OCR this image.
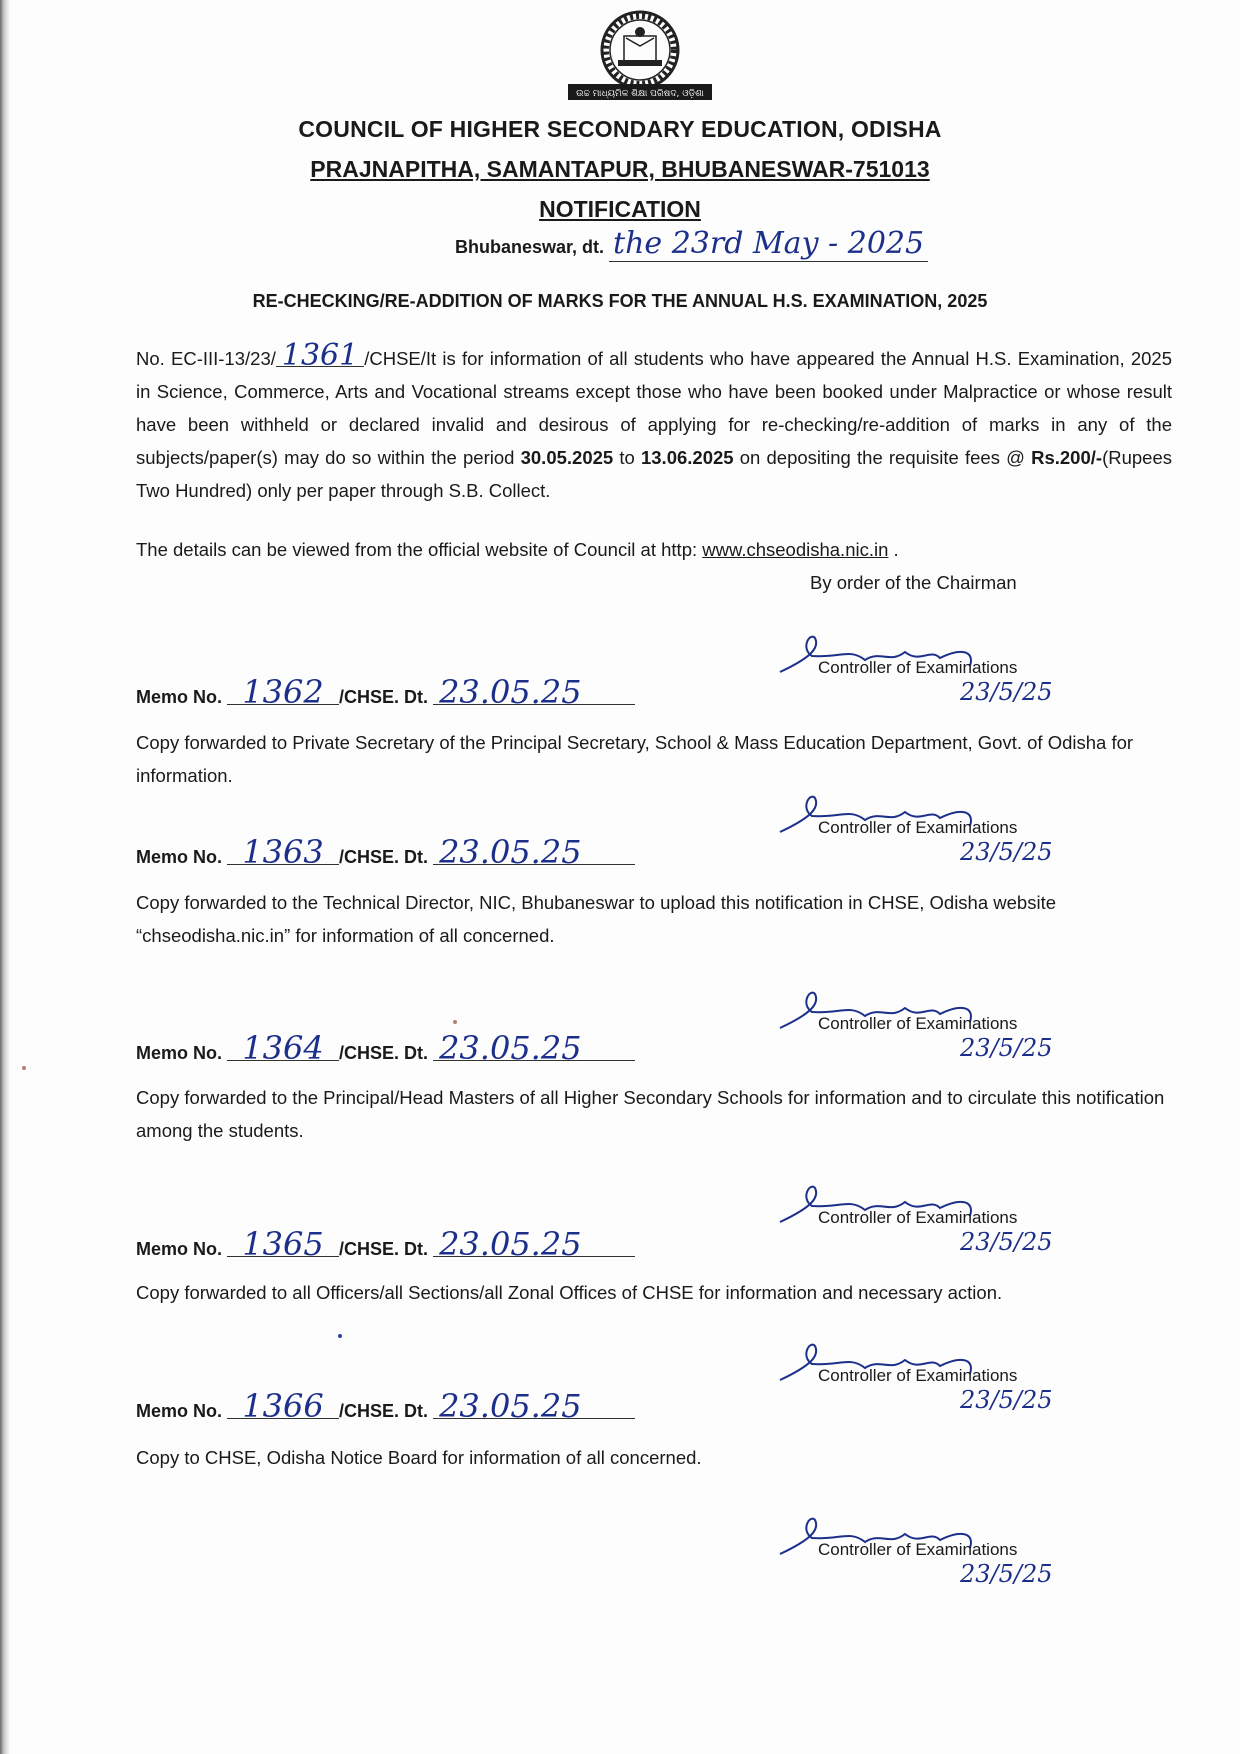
ଉଚ୍ଚ ମାଧ୍ୟମିକ ଶିକ୍ଷା ପରିଷଦ, ଓଡ଼ିଶା
COUNCIL OF HIGHER SECONDARY EDUCATION, ODISHA
PRAJNAPITHA, SAMANTAPUR, BHUBANESWAR-751013
NOTIFICATION
Bhubaneswar, dt. the 23rd May - 2025
RE-CHECKING/RE-ADDITION OF MARKS FOR THE ANNUAL H.S. EXAMINATION, 2025
No. EC-III-13/23/ 1361 /CHSE/It is for information of all students who have appeared the Annual H.S. Examination, 2025 in Science, Commerce, Arts and Vocational streams except those who have been booked under Malpractice or whose result have been withheld or declared invalid and desirous of applying for re-checking/re-addition of marks in any of the subjects/paper(s) may do so within the period 30.05.2025 to 13.06.2025 on depositing the requisite fees @ Rs.200/-(Rupees Two Hundred) only per paper through S.B. Collect.
The details can be viewed from the official website of Council at http: www.chseodisha.nic.in .
By order of the Chairman
Controller of Examinations
23/5/25
Memo No. 1362 /CHSE. Dt. 23.05.25
Copy forwarded to Private Secretary of the Principal Secretary, School & Mass Education Department, Govt. of Odisha for information.
Controller of Examinations
23/5/25
Memo No. 1363 /CHSE. Dt. 23.05.25
Copy forwarded to the Technical Director, NIC, Bhubaneswar to upload this notification in CHSE, Odisha website “chseodisha.nic.in” for information of all concerned.
Controller of Examinations
23/5/25
Memo No. 1364 /CHSE. Dt. 23.05.25
Copy forwarded to the Principal/Head Masters of all Higher Secondary Schools for information and to circulate this notification among the students.
Controller of Examinations
23/5/25
Memo No. 1365 /CHSE. Dt. 23.05.25
Copy forwarded to all Officers/all Sections/all Zonal Offices of CHSE for information and necessary action.
Controller of Examinations
23/5/25
Memo No. 1366 /CHSE. Dt. 23.05.25
Copy to CHSE, Odisha Notice Board for information of all concerned.
Controller of Examinations
23/5/25
